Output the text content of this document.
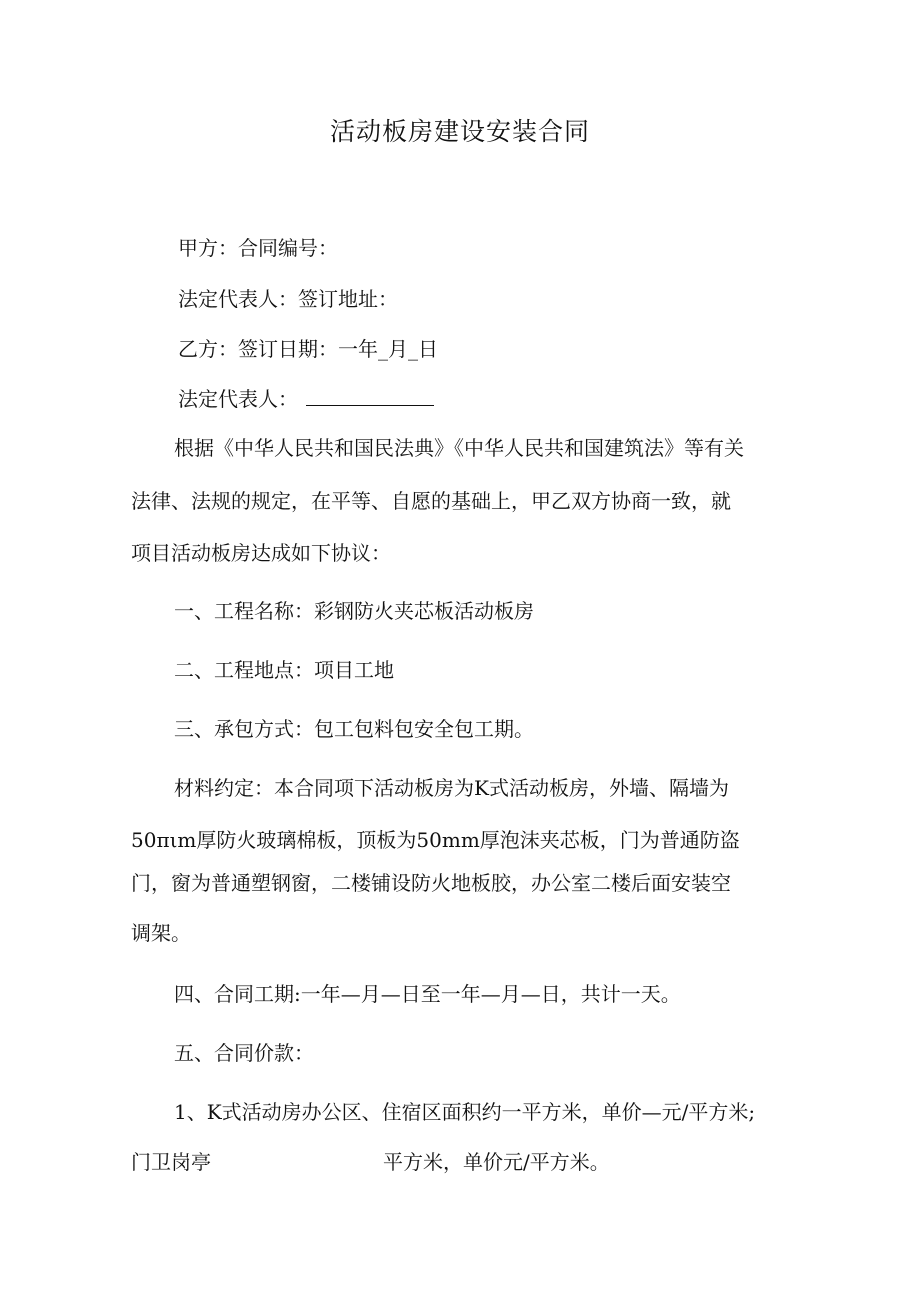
活动板房建设安装合同
甲方：合同编号：
法定代表人：签订地址：
乙方：签订日期：一年_月_日
法定代表人：
根据《中华人民共和国民法典》《中华人民共和国建筑法》等有关
法律、法规的规定，在平等、自愿的基础上，甲乙双方协商一致，就
项目活动板房达成如下协议：
一、工程名称：彩钢防火夹芯板活动板房
二、工程地点：项目工地
三、承包方式：包工包料包安全包工期。
材料约定：本合同项下活动板房为K式活动板房，外墙、隔墙为
50πιm厚防火玻璃棉板，顶板为50mm厚泡沫夹芯板，门为普通防盗
门，窗为普通塑钢窗，二楼铺设防火地板胶，办公室二楼后面安装空
调架。
四、合同工期:一年—月—日至一年—月—日，共计一天。
五、合同价款：
1、K式活动房办公区、住宿区面积约一平方米，单价—元/平方米;
门卫岗亭	平方米，单价元/平方米。
